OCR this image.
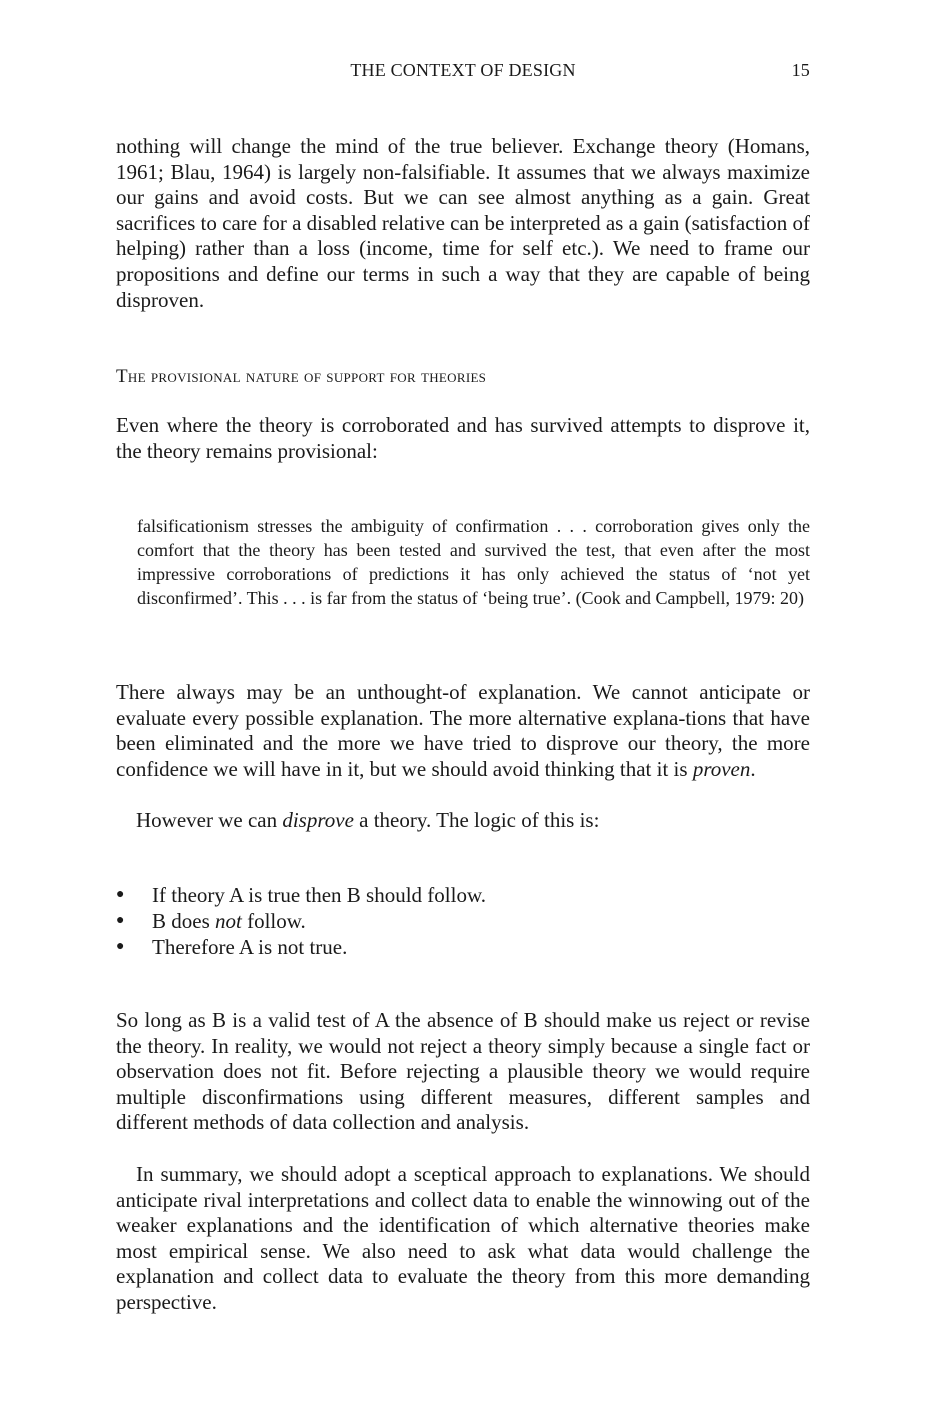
THE CONTEXT OF DESIGN	15

nothing will change the mind of the true believer. Exchange theory (Homans, 1961; Blau, 1964) is largely non-falsifiable. It assumes that we always maximize our gains and avoid costs. But we can see almost anything as a gain. Great sacrifices to care for a disabled relative can be interpreted as a gain (satisfaction of helping) rather than a loss (income, time for self etc.). We need to frame our propositions and define our terms in such a way that they are capable of being disproven.

The provisional nature of support for theories

Even where the theory is corroborated and has survived attempts to disprove it, the theory remains provisional:

falsificationism stresses the ambiguity of confirmation . . . corroboration gives only the comfort that the theory has been tested and survived the test, that even after the most impressive corroborations of predictions it has only achieved the status of ‘not yet disconfirmed’. This . . . is far from the status of ‘being true’. (Cook and Campbell, 1979: 20)

There always may be an unthought-of explanation. We cannot anticipate or evaluate every possible explanation. The more alternative explana-tions that have been eliminated and the more we have tried to disprove our theory, the more confidence we will have in it, but we should avoid thinking that it is proven.

However we can disprove a theory. The logic of this is:

● If theory A is true then B should follow.
● B does not follow.
● Therefore A is not true.

So long as B is a valid test of A the absence of B should make us reject or revise the theory. In reality, we would not reject a theory simply because a single fact or observation does not fit. Before rejecting a plausible theory we would require multiple disconfirmations using different measures, different samples and different methods of data collection and analysis.

In summary, we should adopt a sceptical approach to explanations. We should anticipate rival interpretations and collect data to enable the winnowing out of the weaker explanations and the identification of which alternative theories make most empirical sense. We also need to ask what data would challenge the explanation and collect data to evaluate the theory from this more demanding perspective.
